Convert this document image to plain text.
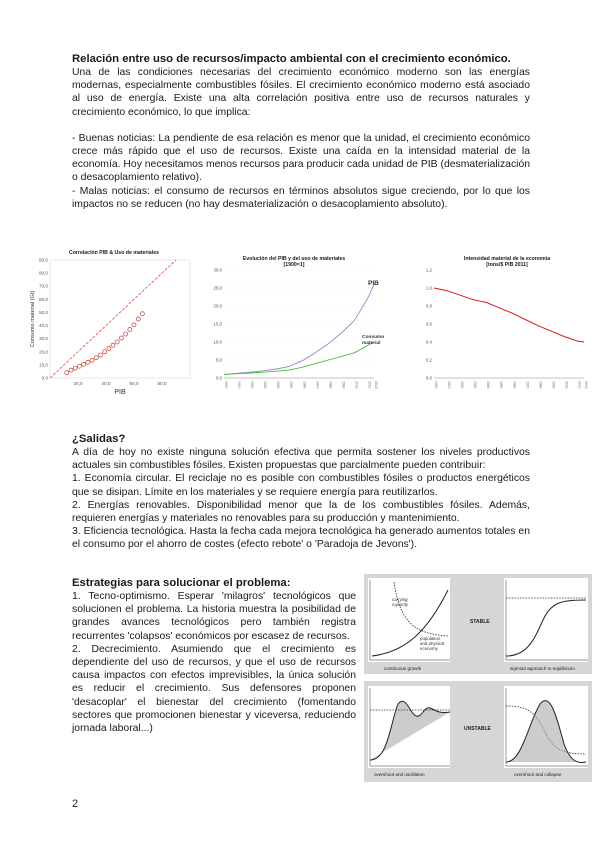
Relación entre uso de recursos/impacto ambiental con el crecimiento económico.

Una de las condiciones necesarias del crecimiento económico moderno son las energías modernas, especialmente combustibles fósiles. El crecimiento económico moderno está asociado al uso de energía. Existe una alta correlación positiva entre uso de recursos naturales y crecimiento económico, lo que implica:

- Buenas noticias: La pendiente de esa relación es menor que la unidad, el crecimiento económico crece más rápido que el uso de recursos. Existe una caída en la intensidad material de la economía. Hoy necesitamos menos recursos para producir cada unidad de PIB (desmaterialización o desacoplamiento relativo).

- Malas noticias: el consumo de recursos en términos absolutos sigue creciendo, por lo que los impactos no se reducen (no hay desmaterialización o desacoplamiento absoluto).

Correlación PIB & Uso de materiales
90,0
80,0
70,0
60,0
50,0
40,0
30,0
20,0
10,0
0,0
20,0	40,0	60,0	80,0
PIB
Consumo material (Gt)
Evolución del PIB y del uso de materiales
[1900=1]
30,0
25,0
20,0
15,0
10,0
5,0
0,0
1900	1910	1920	1930	1940	1950	1960	1970	1980	1990	2000	2010 2015
PIB
Consumo
material
Intensidad material de la economía
[tons/$ PIB 2011]
1,2
1,0
0,8
0,6
0,4
0,2
0,0
1900	1910	1920	1930	1940	1950	1960	1970	1980	1990	2000	2010 2015
¿Salidas?

A día de hoy no existe ninguna solución efectiva que permita sostener los niveles productivos actuales sin combustibles fósiles. Existen propuestas que parcialmente pueden contribuir:

1. Economía circular. El reciclaje no es posible con combustibles fósiles o productos energéticos que se disipan. Límite en los materiales y se requiere energía para reutilizarlos.

2. Energías renovables. Disponibilidad menor que la de los combustibles fósiles. Además, requieren energías y materiales no renovables para su producción y mantenimiento.

3. Eficiencia tecnológica. Hasta la fecha cada mejora tecnológica ha generado aumentos totales en el consumo por el ahorro de costes (efecto rebote' o 'Paradoja de Jevons').

Estrategias para solucionar el problema:

1. Tecno-optimismo. Esperar 'milagros' tecnológicos que solucionen el problema. La historia muestra la posibilidad de grandes avances tecnológicos pero también registra recurrentes 'colapsos' económicos por escasez de recursos.

2. Decrecimiento. Asumiendo que el crecimiento es dependiente del uso de recursos, y que el uso de recursos causa impactos con efectos imprevisibles, la única solución es reducir el crecimiento. Sus defensores proponen 'desacoplar' el bienestar del crecimiento (fomentando sectores que promocionen bienestar y viceversa, reduciendo jornada laboral...)

STABLE
UNSTABLE
carrying
capacity
population
and physical
economy
continuous growth	sigmoid approach to equilibrium
overshoot and oscillation	overshoot and collapse
2
